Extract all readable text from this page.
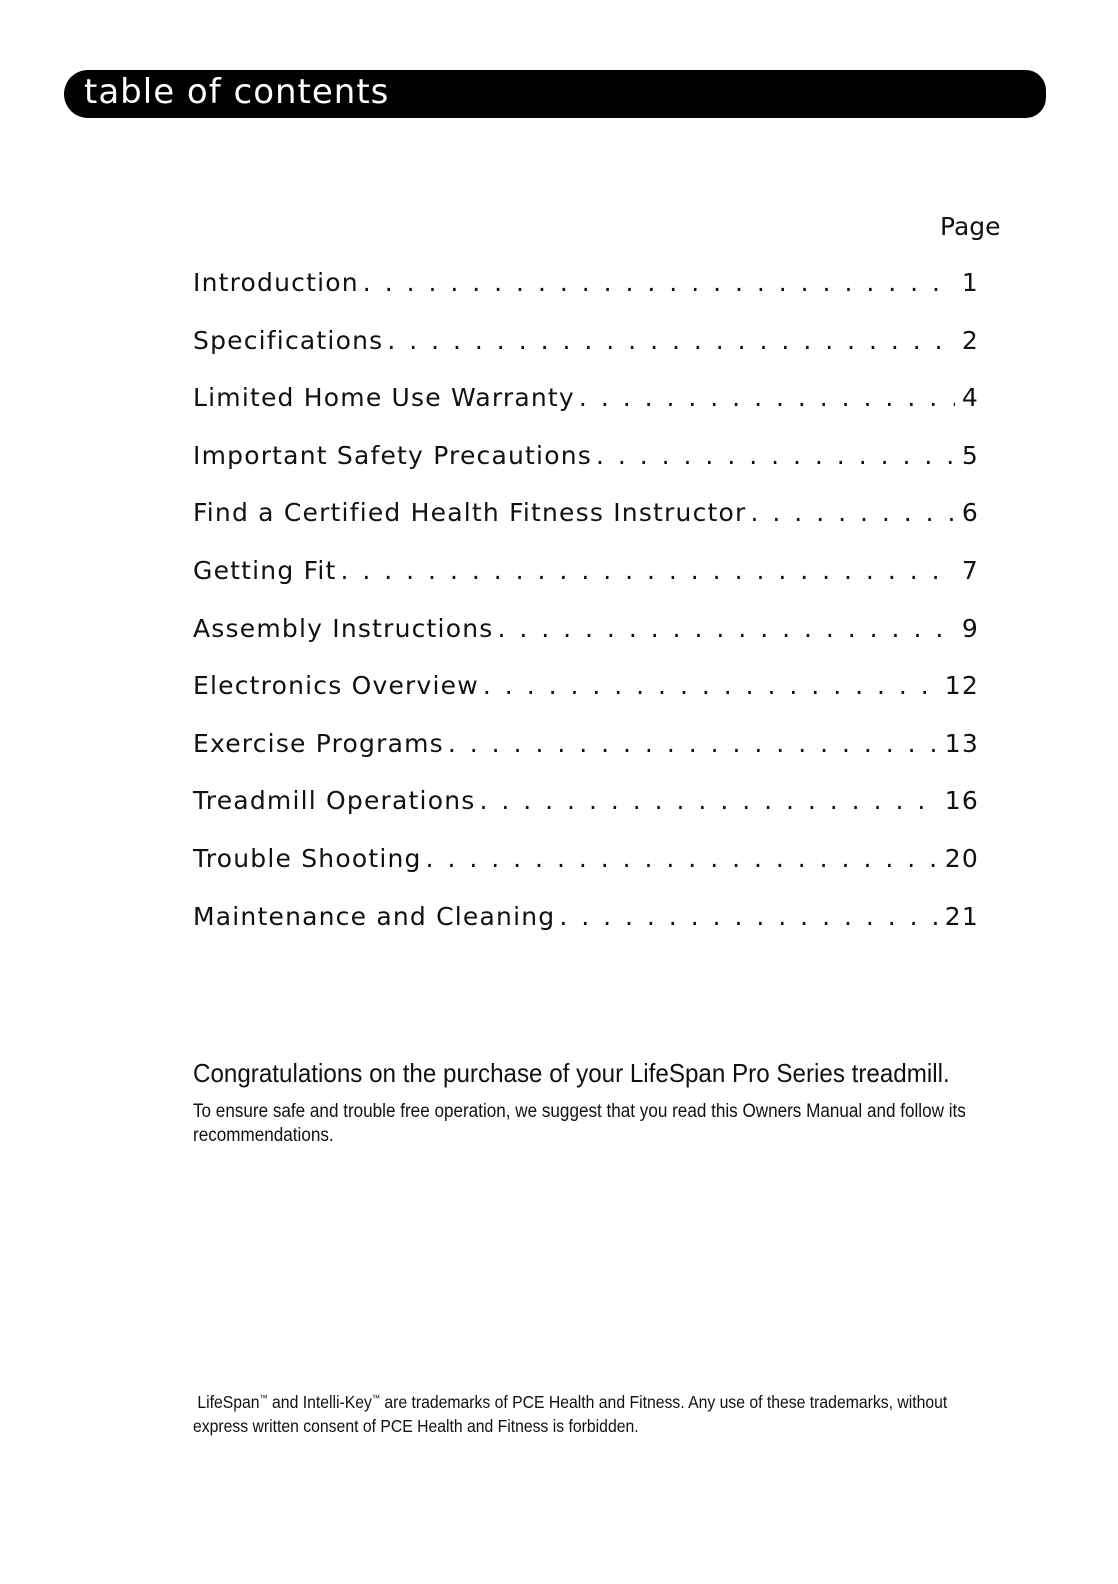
table of contents
Page
Introduction . . .	1
Specifications . . .	2
Limited Home Use Warranty . . .	4
Important Safety Precautions . . .	5
Find a Certified Health Fitness Instructor . . .	6
Getting Fit . . .	7
Assembly Instructions . . .	9
Electronics Overview . . .	12
Exercise Programs . . .	13
Treadmill Operations . . .	16
Trouble Shooting . . .	20
Maintenance and Cleaning . . .	21
Congratulations on the purchase of your LifeSpan Pro Series treadmill.
To ensure safe and trouble free operation, we suggest that you read this Owners Manual and follow its recommendations.
LifeSpan™ and Intelli-Key™ are trademarks of PCE Health and Fitness. Any use of these trademarks, without express written consent of PCE Health and Fitness is forbidden.
